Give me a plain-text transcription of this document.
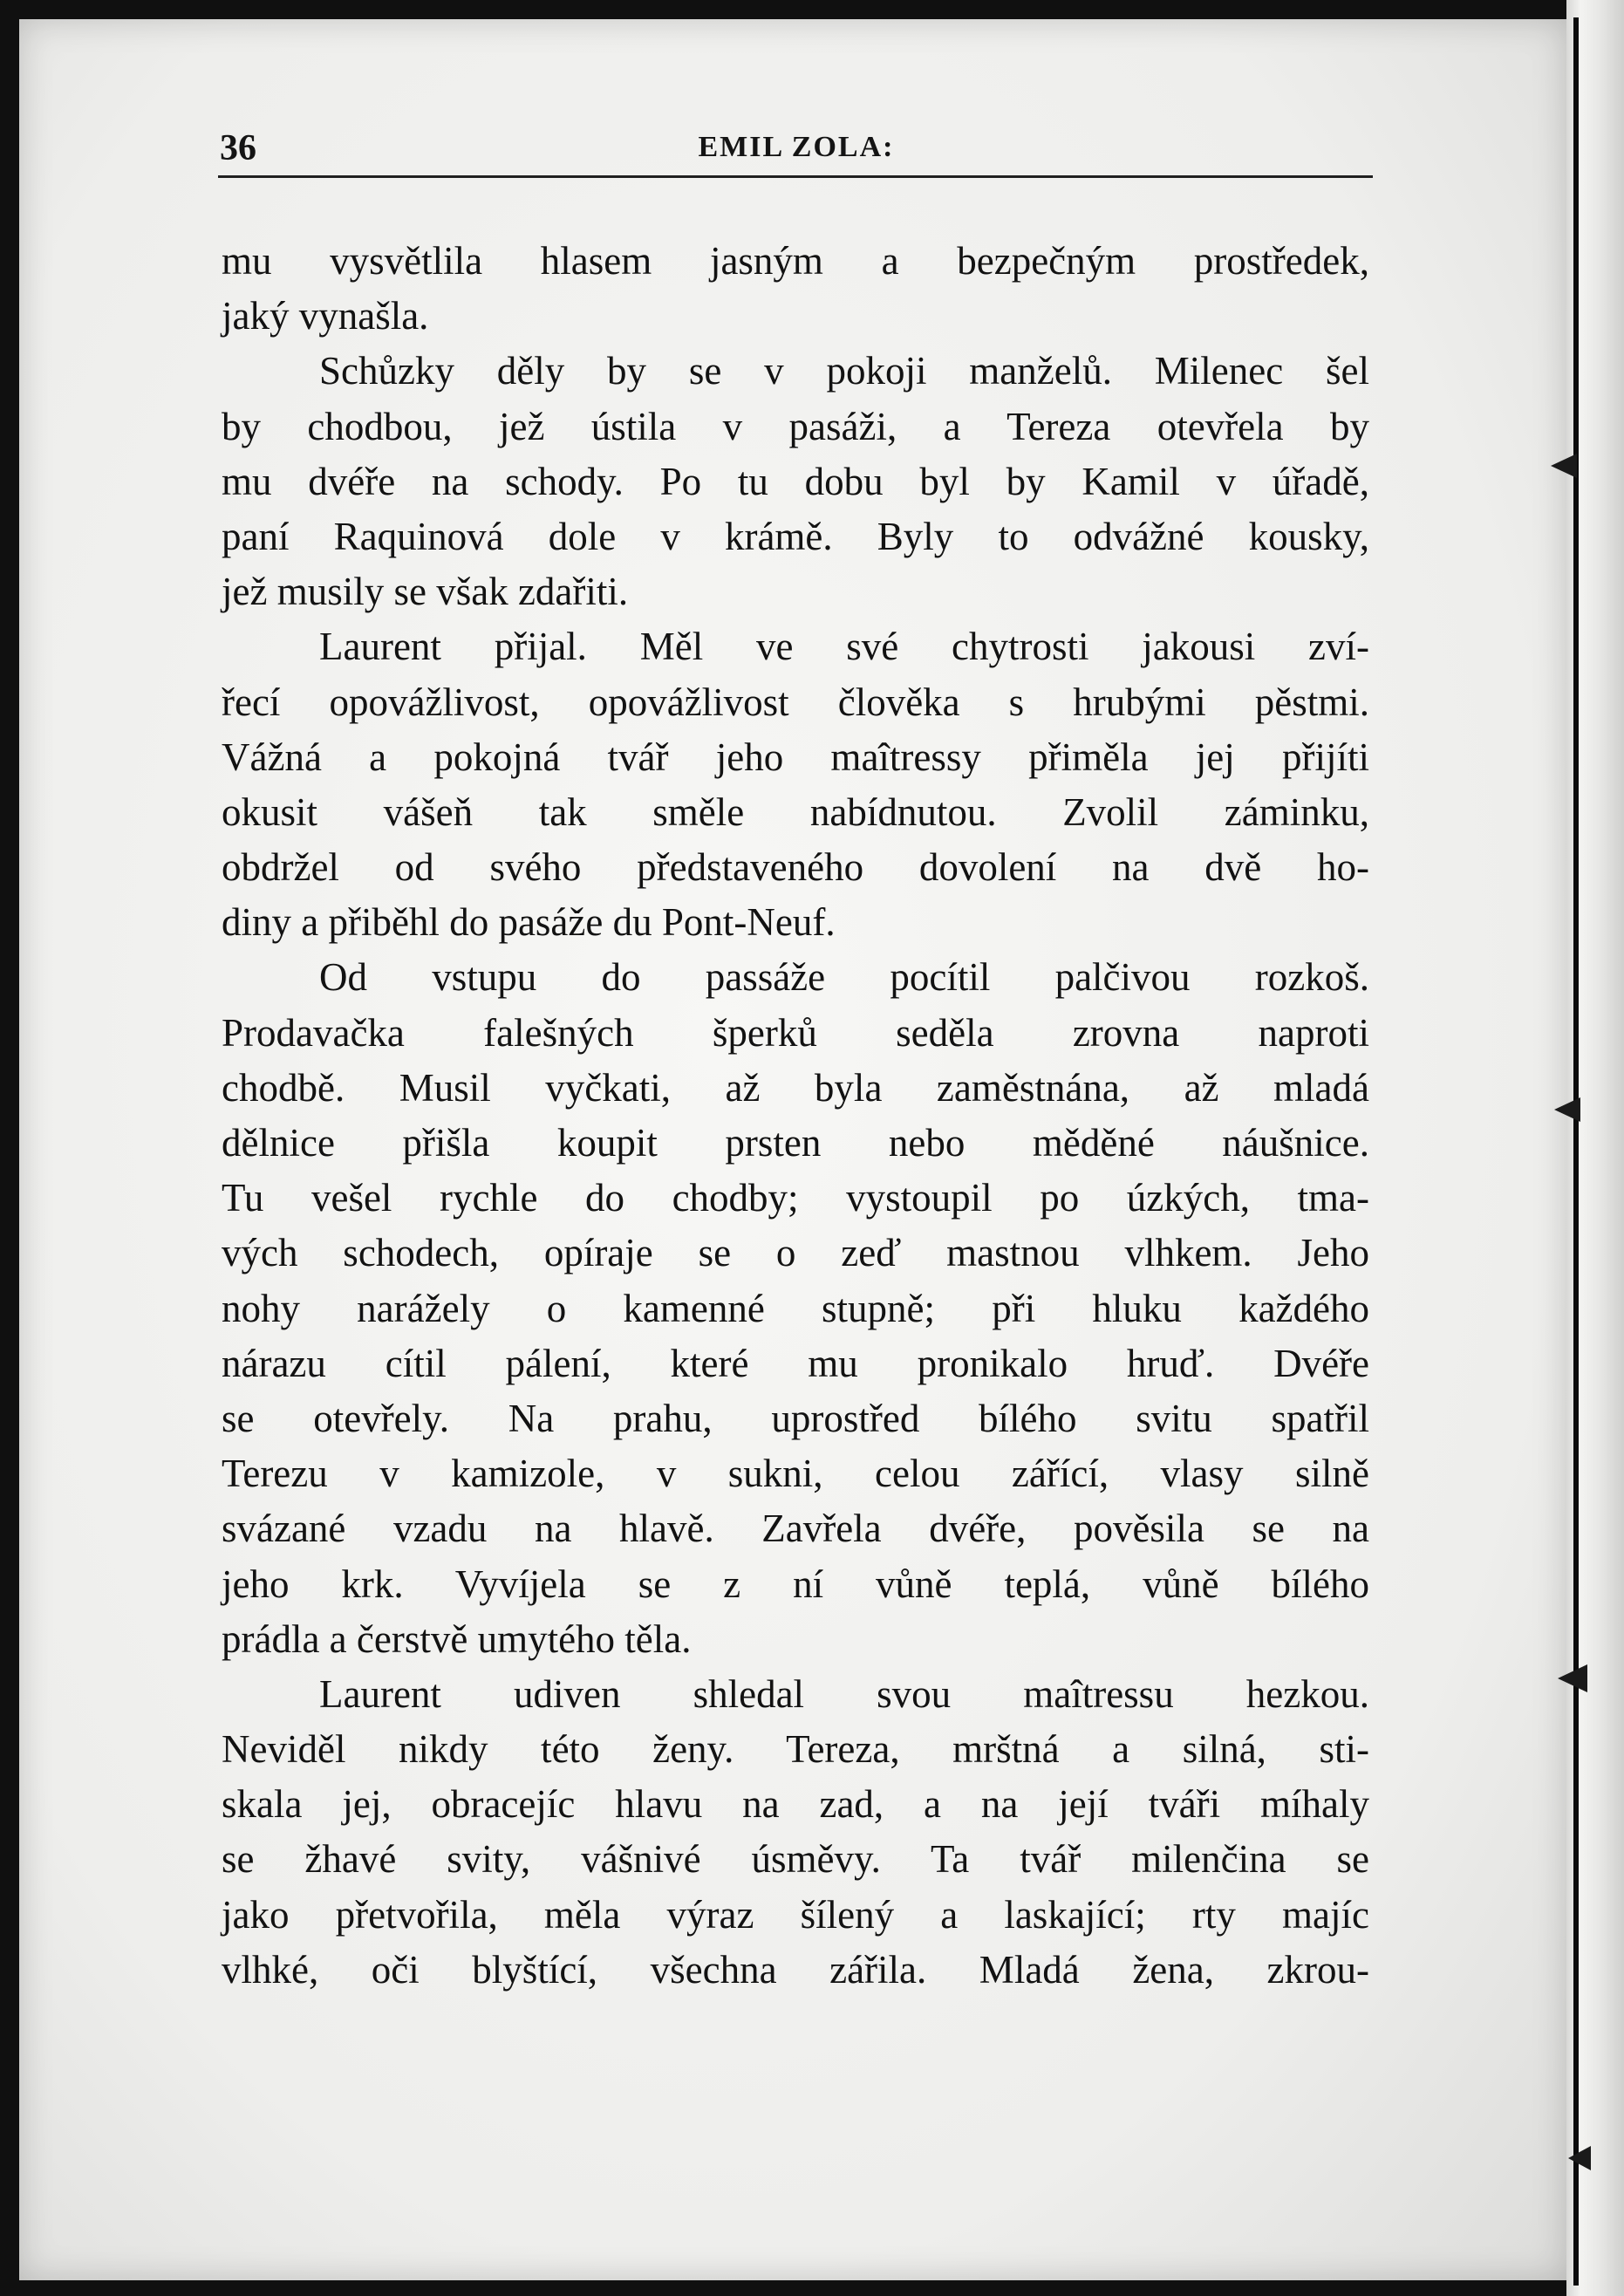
36	EMIL ZOLA:
mu vysvětlila hlasem jasným a bezpečným prostředek,
jaký vynašla.
Schůzky děly by se v pokoji manželů. Milenec šel
by chodbou, jež ústila v pasáži, a Tereza otevřela by
mu dvéře na schody. Po tu dobu byl by Kamil v úřadě,
paní Raquinová dole v krámě. Byly to odvážné kousky,
jež musily se však zdařiti.
Laurent přijal. Měl ve své chytrosti jakousi zví-
řecí opovážlivost, opovážlivost člověka s hrubými pěstmi.
Vážná a pokojná tvář jeho maîtressy přiměla jej přijíti
okusit vášeň tak směle nabídnutou. Zvolil záminku,
obdržel od svého představeného dovolení na dvě ho-
diny a přiběhl do pasáže du Pont-Neuf.
Od vstupu do passáže pocítil palčivou rozkoš.
Prodavačka falešných šperků seděla zrovna naproti
chodbě. Musil vyčkati, až byla zaměstnána, až mladá
dělnice přišla koupit prsten nebo měděné náušnice.
Tu vešel rychle do chodby; vystoupil po úzkých, tma-
vých schodech, opíraje se o zeď mastnou vlhkem. Jeho
nohy narážely o kamenné stupně; při hluku každého
nárazu cítil pálení, které mu pronikalo hruď. Dvéře
se otevřely. Na prahu, uprostřed bílého svitu spatřil
Terezu v kamizole, v sukni, celou zářící, vlasy silně
svázané vzadu na hlavě. Zavřela dvéře, pověsila se na
jeho krk. Vyvíjela se z ní vůně teplá, vůně bílého
prádla a čerstvě umytého těla.
Laurent udiven shledal svou maîtressu hezkou.
Neviděl nikdy této ženy. Tereza, mrštná a silná, sti-
skala jej, obracejíc hlavu na zad, a na její tváři míhaly
se žhavé svity, vášnivé úsměvy. Ta tvář milenčina se
jako přetvořila, měla výraz šílený a laskající; rty majíc
vlhké, oči blyštící, všechna zářila. Mladá žena, zkrou-
